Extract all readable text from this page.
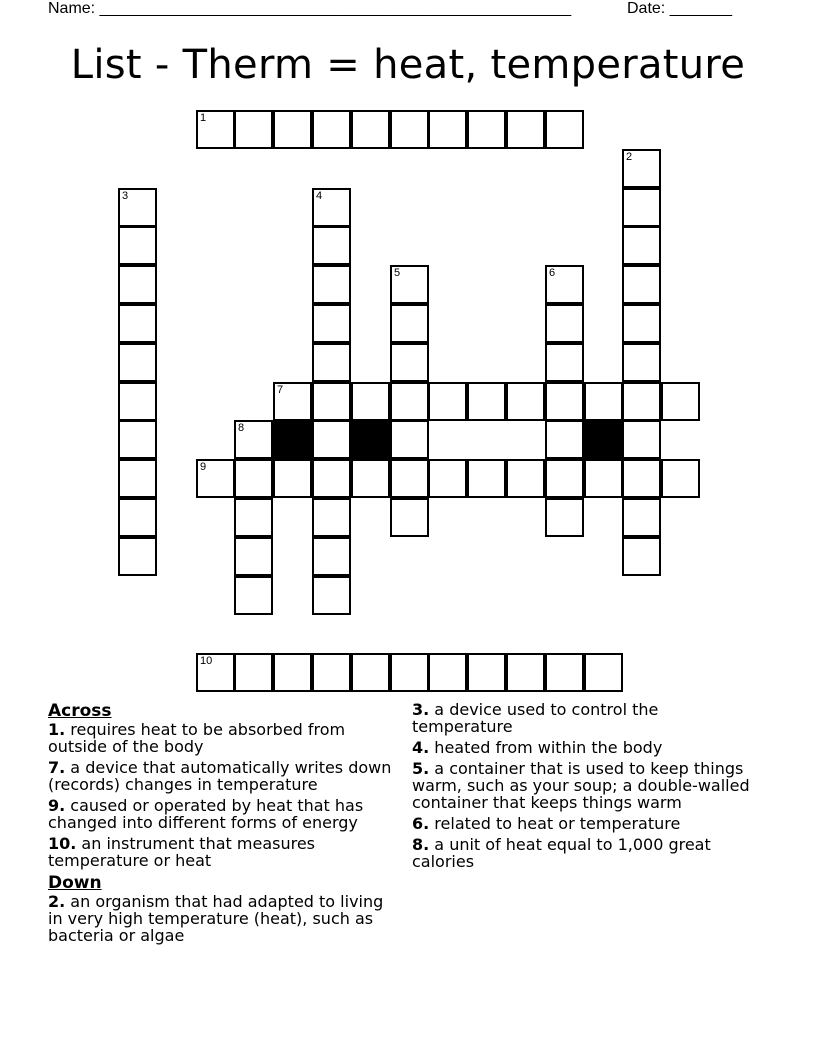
Name: _____________________________________________________	Date: _______
List - Therm = heat, temperature
1
2
3	4
5	6
7
8
9
10
Across
1. requires heat to be absorbed from outside of the body
7. a device that automatically writes down (records) changes in temperature
9. caused or operated by heat that has changed into different forms of energy
10. an instrument that measures temperature or heat
Down
2. an organism that had adapted to living in very high temperature (heat), such as bacteria or algae
3. a device used to control the temperature
4. heated from within the body
5. a container that is used to keep things warm, such as your soup; a double-walled container that keeps things warm
6. related to heat or temperature
8. a unit of heat equal to 1,000 great calories
